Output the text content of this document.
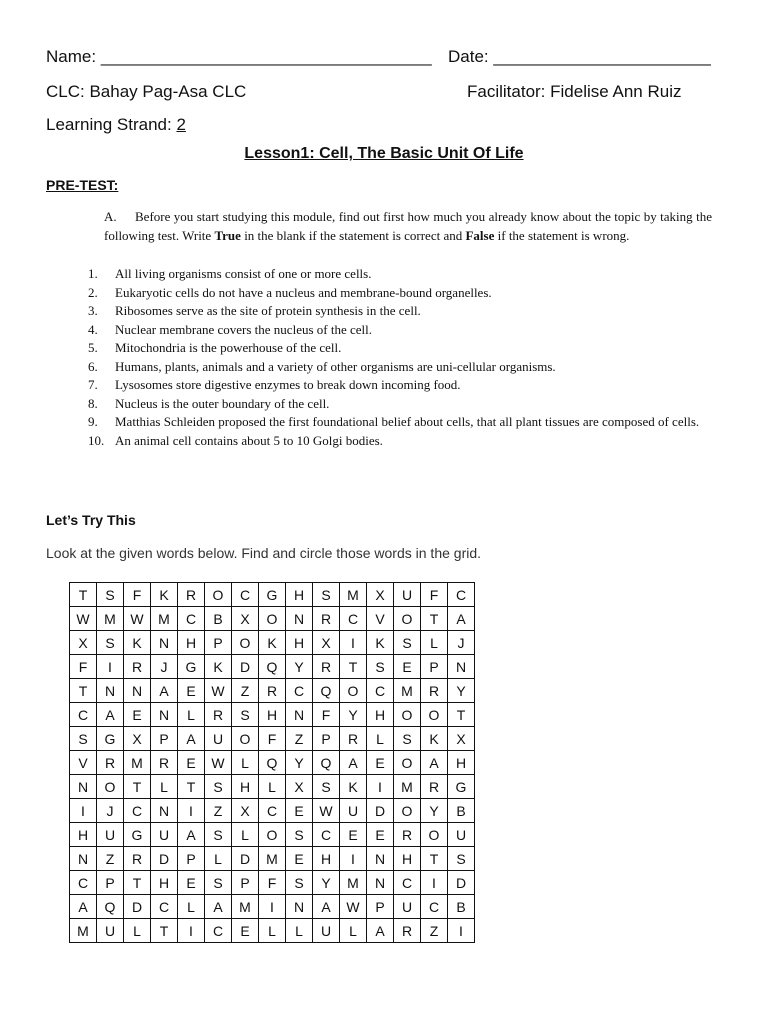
Name: ___________________________________ Date: _______________________
CLC: Bahay Pag-Asa CLC	Facilitator: Fidelise Ann Ruiz
Learning Strand: 2
Lesson1: Cell, The Basic Unit Of Life
PRE-TEST:
A. Before you start studying this module, find out first how much you already know about the topic by taking the following test. Write True in the blank if the statement is correct and False if the statement is wrong.
1. All living organisms consist of one or more cells.
2. Eukaryotic cells do not have a nucleus and membrane-bound organelles.
3. Ribosomes serve as the site of protein synthesis in the cell.
4. Nuclear membrane covers the nucleus of the cell.
5. Mitochondria is the powerhouse of the cell.
6. Humans, plants, animals and a variety of other organisms are uni-cellular organisms.
7. Lysosomes store digestive enzymes to break down incoming food.
8. Nucleus is the outer boundary of the cell.
9. Matthias Schleiden proposed the first foundational belief about cells, that all plant tissues are composed of cells.
10. An animal cell contains about 5 to 10 Golgi bodies.
Let’s Try This
Look at the given words below. Find and circle those words in the grid.
T	S	F	K	R	O	C	G	H	S	M	X	U	F	C
W	M	W	M	C	B	X	O	N	R	C	V	O	T	A
X	S	K	N	H	P	O	K	H	X	I	K	S	L	J
F	I	R	J	G	K	D	Q	Y	R	T	S	E	P	N
T	N	N	A	E	W	Z	R	C	Q	O	C	M	R	Y
C	A	E	N	L	R	S	H	N	F	Y	H	O	O	T
S	G	X	P	A	U	O	F	Z	P	R	L	S	K	X
V	R	M	R	E	W	L	Q	Y	Q	A	E	O	A	H
N	O	T	L	T	S	H	L	X	S	K	I	M	R	G
I	J	C	N	I	Z	X	C	E	W	U	D	O	Y	B
H	U	G	U	A	S	L	O	S	C	E	E	R	O	U
N	Z	R	D	P	L	D	M	E	H	I	N	H	T	S
C	P	T	H	E	S	P	F	S	Y	M	N	C	I	D
A	Q	D	C	L	A	M	I	N	A	W	P	U	C	B
M	U	L	T	I	C	E	L	L	U	L	A	R	Z	I
